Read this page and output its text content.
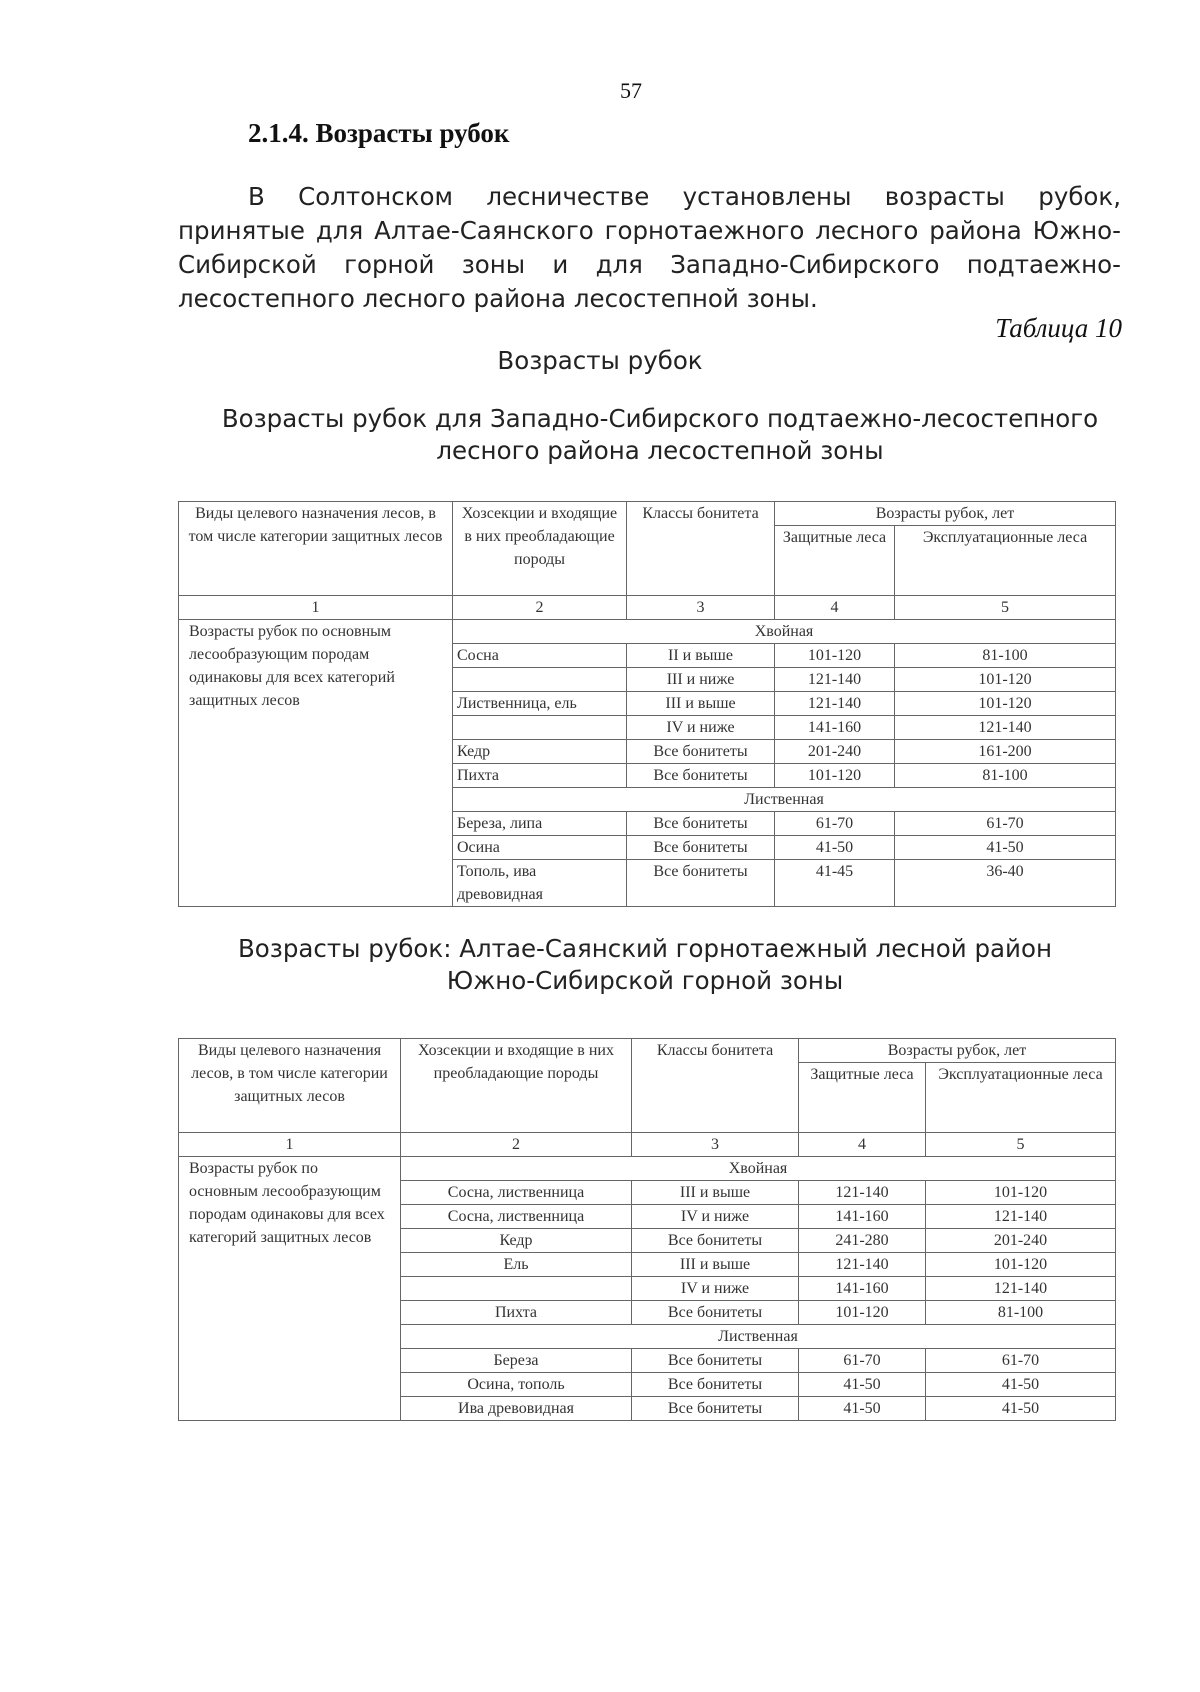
57
2.1.4. Возрасты рубок

В Солтонском лесничестве установлены возрасты рубок, принятые для Алтае-Саянского горнотаежного лесного района Южно-Сибирской горной зоны и для Западно-Сибирского подтаежно-лесостепного лесного района лесостепной зоны.

Таблица 10
Возрасты рубок
Возрасты рубок для Западно-Сибирского подтаежно-лесостепного
лесного района лесостепной зоны
Виды целевого назначения лесов, в том числе категории защитных лесов	Хозсекции и входящие в них преобладающие породы	Классы бонитета	Возрасты рубок, лет	
			Защитные леса	Эксплуатационные леса
1	2	3	4	5
Возрасты рубок по основным лесообразующим породам одинаковы для всех категорий защитных лесов	Хвойная			
	Сосна	II и выше	101-120	81-100
		III и ниже	121-140	101-120
	Лиственница, ель	III и выше	121-140	101-120
		IV и ниже	141-160	121-140
	Кедр	Все бонитеты	201-240	161-200
	Пихта	Все бонитеты	101-120	81-100
	Лиственная			
	Береза, липа	Все бонитеты	61-70	61-70
	Осина	Все бонитеты	41-50	41-50
	Тополь, ива древовидная	Все бонитеты	41-45	36-40
Возрасты рубок: Алтае-Саянский горнотаежный лесной район
Южно-Сибирской горной зоны
Виды целевого назначения лесов, в том числе категории защитных лесов	Хозсекции и входящие в них преобладающие породы	Классы бонитета	Возрасты рубок, лет	
			Защитные леса	Эксплуатационные леса
1	2	3	4	5
Возрасты рубок по основным лесообразующим породам одинаковы для всех категорий защитных лесов	Хвойная			
	Сосна, лиственница	III и выше	121-140	101-120
	Сосна, лиственница	IV и ниже	141-160	121-140
	Кедр	Все бонитеты	241-280	201-240
	Ель	III и выше	121-140	101-120
		IV и ниже	141-160	121-140
	Пихта	Все бонитеты	101-120	81-100
	Лиственная			
	Береза	Все бонитеты	61-70	61-70
	Осина, тополь	Все бонитеты	41-50	41-50
	Ива древовидная	Все бонитеты	41-50	41-50
